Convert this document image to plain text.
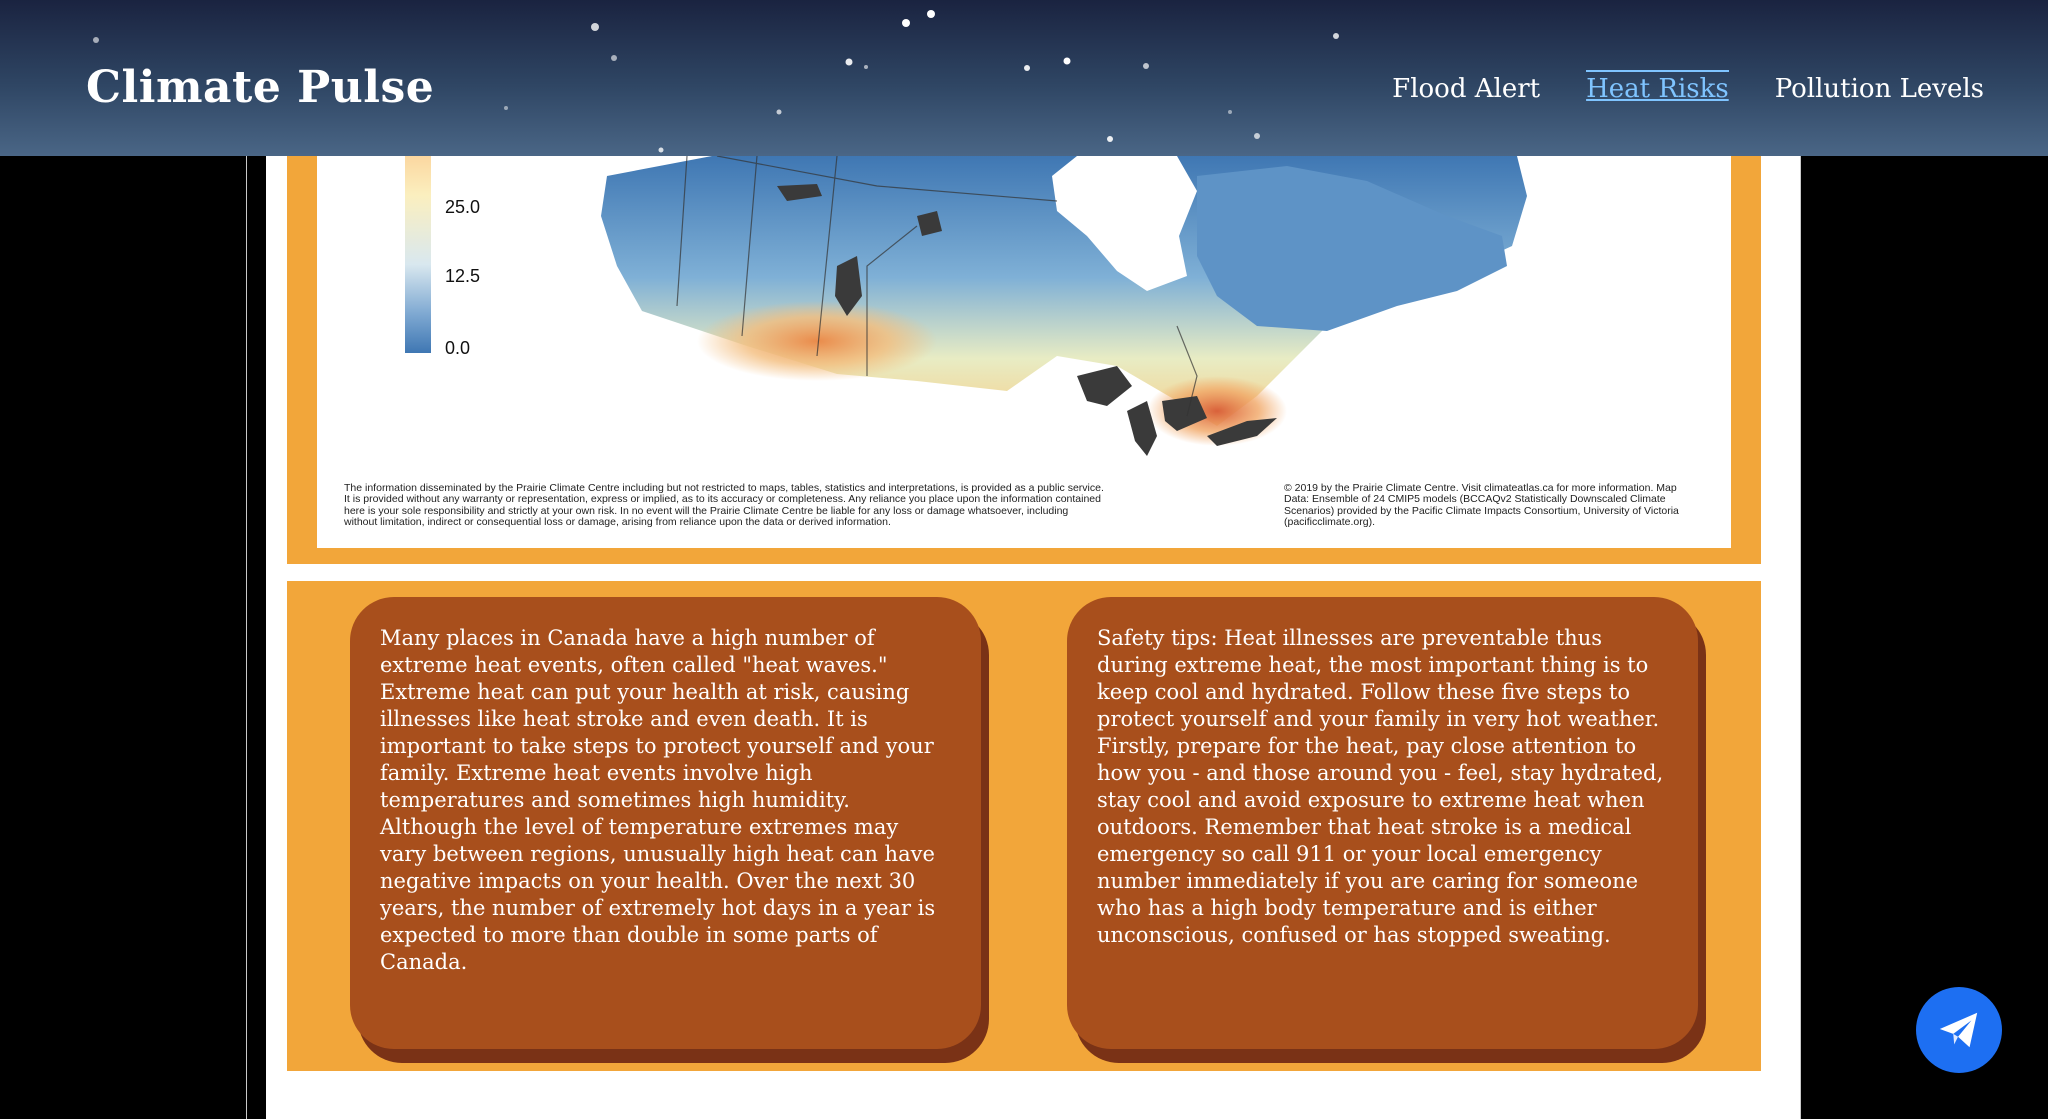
Climate Pulse	Flood Alert Heat Risks Pollution Levels
25.0
12.5
0.0

The information disseminated by the Prairie Climate Centre including but not restricted to maps, tables, statistics and interpretations, is provided as a public service. It is provided without any warranty or representation, express or implied, as to its accuracy or completeness. Any reliance you place upon the information contained here is your sole responsibility and strictly at your own risk. In no event will the Prairie Climate Centre be liable for any loss or damage whatsoever, including without limitation, indirect or consequential loss or damage, arising from reliance upon the data or derived information.

© 2019 by the Prairie Climate Centre. Visit climateatlas.ca for more information. Map Data: Ensemble of 24 CMIP5 models (BCCAQv2 Statistically Downscaled Climate Scenarios) provided by the Pacific Climate Impacts Consortium, University of Victoria (pacificclimate.org).

Many places in Canada have a high number of extreme heat events, often called "heat waves." Extreme heat can put your health at risk, causing illnesses like heat stroke and even death. It is important to take steps to protect yourself and your family. Extreme heat events involve high temperatures and sometimes high humidity. Although the level of temperature extremes may vary between regions, unusually high heat can have negative impacts on your health. Over the next 30 years, the number of extremely hot days in a year is expected to more than double in some parts of Canada.

Safety tips: Heat illnesses are preventable thus during extreme heat, the most important thing is to keep cool and hydrated. Follow these five steps to protect yourself and your family in very hot weather. Firstly, prepare for the heat, pay close attention to how you - and those around you - feel, stay hydrated, stay cool and avoid exposure to extreme heat when outdoors. Remember that heat stroke is a medical emergency so call 911 or your local emergency number immediately if you are caring for someone who has a high body temperature and is either unconscious, confused or has stopped sweating.
